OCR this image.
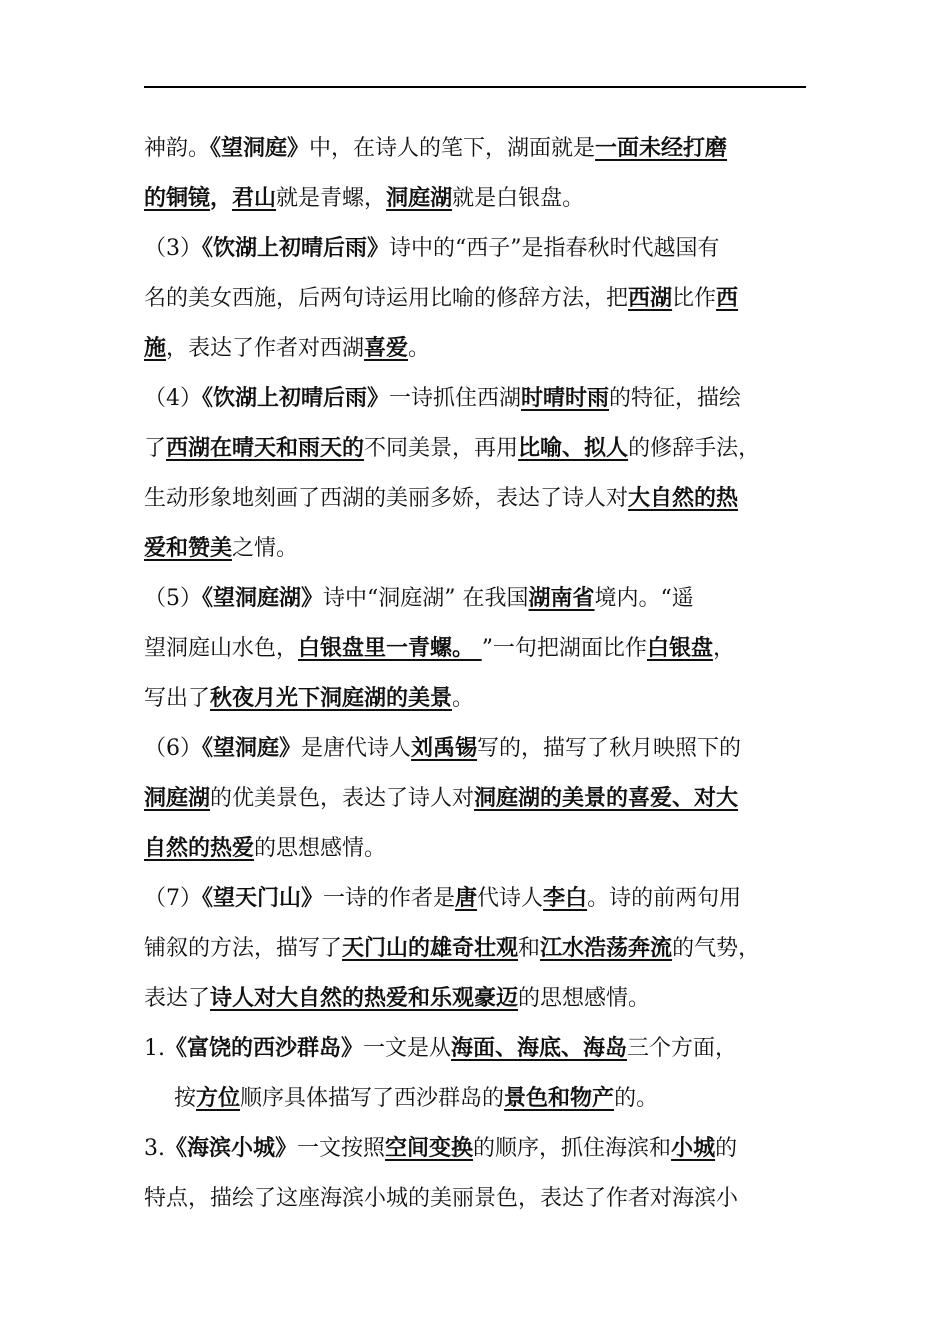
神韵。《望洞庭》中，在诗人的笔下，湖面就是一面未经打磨
的铜镜，君山就是青螺，洞庭湖就是白银盘。
（3）《饮湖上初晴后雨》诗中的“西子”是指春秋时代越国有
名的美女西施，后两句诗运用比喻的修辞方法，把西湖比作西
施，表达了作者对西湖喜爱。
（4）《饮湖上初晴后雨》一诗抓住西湖时晴时雨的特征，描绘
了西湖在晴天和雨天的不同美景，再用比喻、拟人的修辞手法，
生动形象地刻画了西湖的美丽多娇，表达了诗人对大自然的热
爱和赞美之情。
（5）《望洞庭湖》诗中“洞庭湖” 在我国湖南省境内。“遥
望洞庭山水色，白银盘里一青螺。 ”一句把湖面比作白银盘，
写出了秋夜月光下洞庭湖的美景。
（6）《望洞庭》是唐代诗人刘禹锡写的，描写了秋月映照下的
洞庭湖的优美景色，表达了诗人对洞庭湖的美景的喜爱、对大
自然的热爱的思想感情。
（7）《望天门山》一诗的作者是唐代诗人李白。诗的前两句用
铺叙的方法，描写了天门山的雄奇壮观和江水浩荡奔流的气势，
表达了诗人对大自然的热爱和乐观豪迈的思想感情。
1.《富饶的西沙群岛》一文是从海面、海底、海岛三个方面，
按方位顺序具体描写了西沙群岛的景色和物产的。
3.《海滨小城》一文按照空间变换的顺序，抓住海滨和小城的
特点，描绘了这座海滨小城的美丽景色，表达了作者对海滨小
